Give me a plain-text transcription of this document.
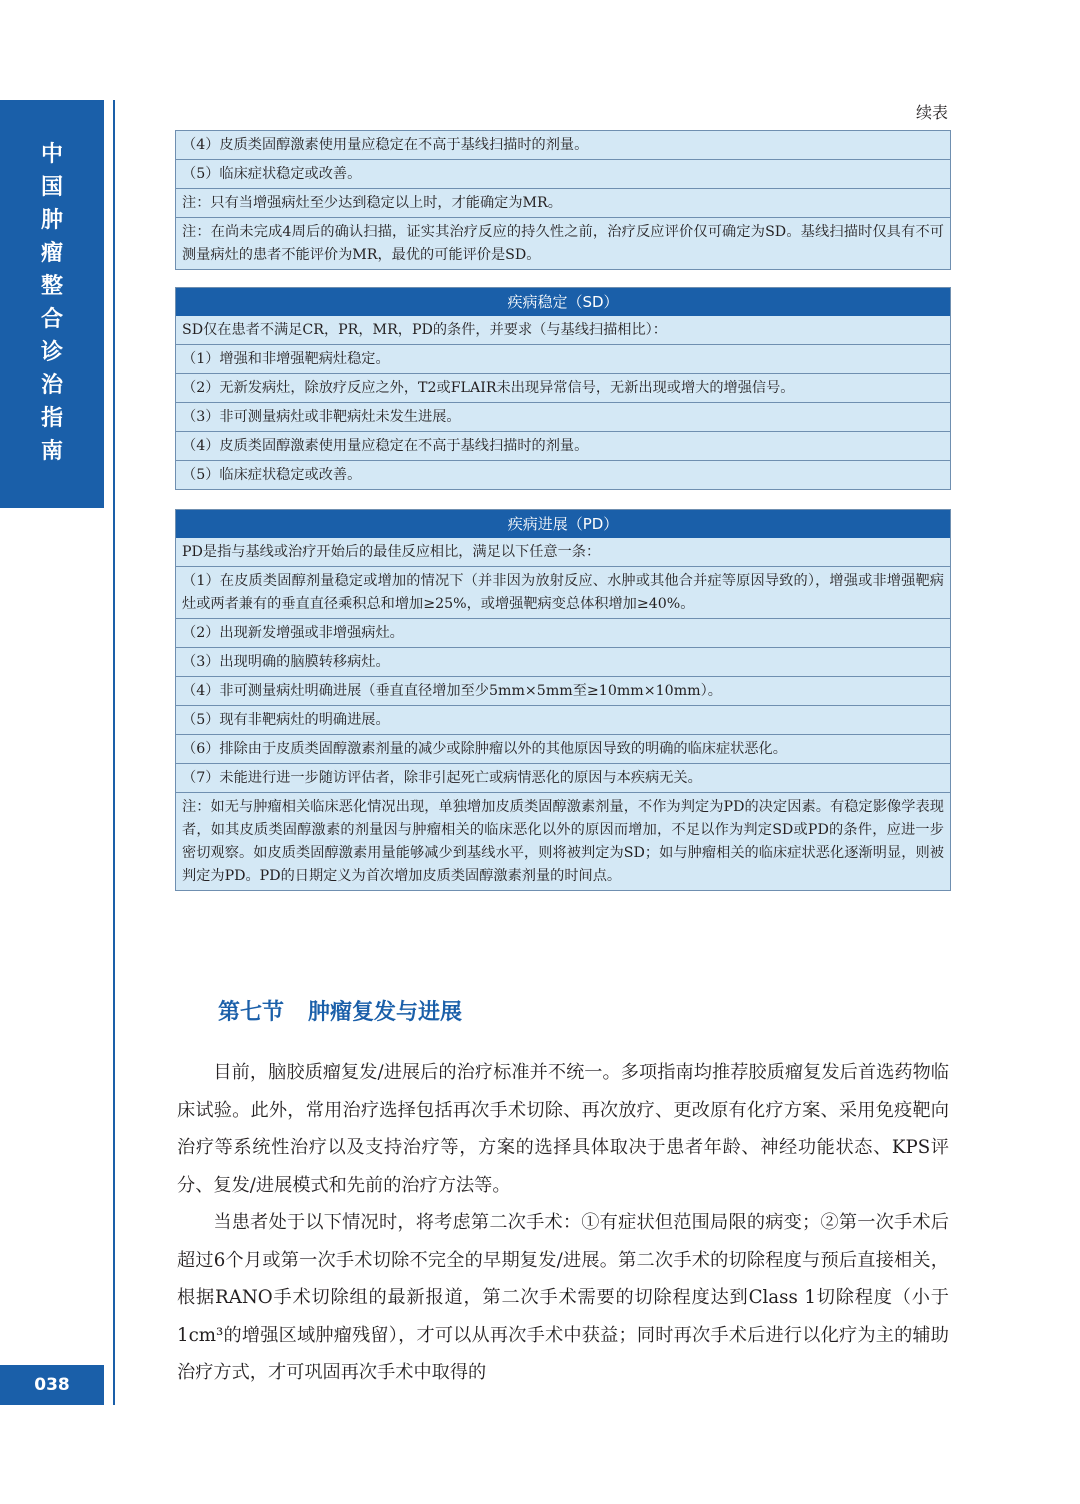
中
国
肿
瘤
整
合
诊
治
指
南
038
续表
（4）皮质类固醇激素使用量应稳定在不高于基线扫描时的剂量。
（5）临床症状稳定或改善。
注：只有当增强病灶至少达到稳定以上时，才能确定为MR。
注：在尚未完成4周后的确认扫描，证实其治疗反应的持久性之前，治疗反应评价仅可确定为SD。基线扫描时仅具有不可测量病灶的患者不能评价为MR，最优的可能评价是SD。
疾病稳定（SD）
SD仅在患者不满足CR，PR，MR，PD的条件，并要求（与基线扫描相比）：
（1）增强和非增强靶病灶稳定。
（2）无新发病灶，除放疗反应之外，T2或FLAIR未出现异常信号，无新出现或增大的增强信号。
（3）非可测量病灶或非靶病灶未发生进展。
（4）皮质类固醇激素使用量应稳定在不高于基线扫描时的剂量。
（5）临床症状稳定或改善。
疾病进展（PD）
PD是指与基线或治疗开始后的最佳反应相比，满足以下任意一条：
（1）在皮质类固醇剂量稳定或增加的情况下（并非因为放射反应、水肿或其他合并症等原因导致的），增强或非增强靶病灶或两者兼有的垂直直径乘积总和增加≥25%，或增强靶病变总体积增加≥40%。
（2）出现新发增强或非增强病灶。
（3）出现明确的脑膜转移病灶。
（4）非可测量病灶明确进展（垂直直径增加至少5mm×5mm至≥10mm×10mm）。
（5）现有非靶病灶的明确进展。
（6）排除由于皮质类固醇激素剂量的减少或除肿瘤以外的其他原因导致的明确的临床症状恶化。
（7）未能进行进一步随访评估者，除非引起死亡或病情恶化的原因与本疾病无关。
注：如无与肿瘤相关临床恶化情况出现，单独增加皮质类固醇激素剂量，不作为判定为PD的决定因素。有稳定影像学表现者，如其皮质类固醇激素的剂量因与肿瘤相关的临床恶化以外的原因而增加，不足以作为判定SD或PD的条件，应进一步密切观察。如皮质类固醇激素用量能够减少到基线水平，则将被判定为SD；如与肿瘤相关的临床症状恶化逐渐明显，则被判定为PD。PD的日期定义为首次增加皮质类固醇激素剂量的时间点。
第七节 肿瘤复发与进展

目前，脑胶质瘤复发/进展后的治疗标准并不统一。多项指南均推荐胶质瘤复发后首选药物临床试验。此外，常用治疗选择包括再次手术切除、再次放疗、更改原有化疗方案、采用免疫靶向治疗等系统性治疗以及支持治疗等，方案的选择具体取决于患者年龄、神经功能状态、KPS评分、复发/进展模式和先前的治疗方法等。

当患者处于以下情况时，将考虑第二次手术：①有症状但范围局限的病变；②第一次手术后超过6个月或第一次手术切除不完全的早期复发/进展。第二次手术的切除程度与预后直接相关，根据RANO手术切除组的最新报道，第二次手术需要的切除程度达到Class 1切除程度（小于1cm³的增强区域肿瘤残留），才可以从再次手术中获益；同时再次手术后进行以化疗为主的辅助治疗方式，才可巩固再次手术中取得的
